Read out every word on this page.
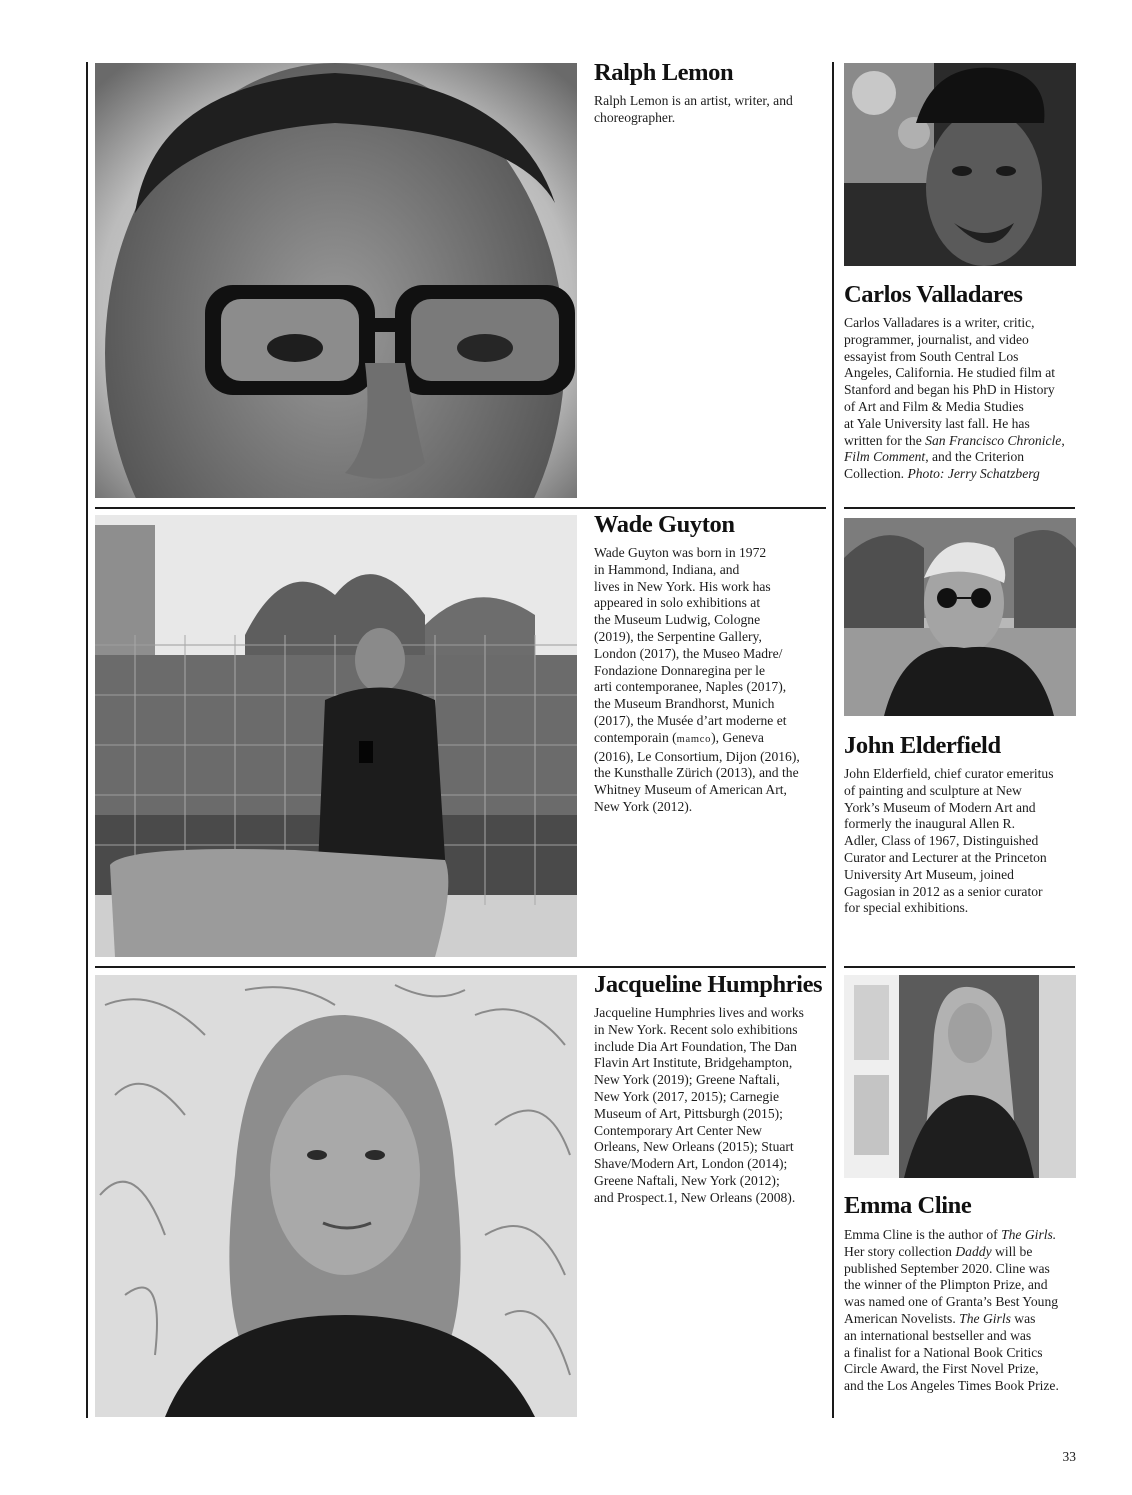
Ralph Lemon

Ralph Lemon is an artist, writer, and
choreographer.

Carlos Valladares

Carlos Valladares is a writer, critic,
programmer, journalist, and video
essayist from South Central Los
Angeles, California. He studied film at
Stanford and began his PhD in History
of Art and Film & Media Studies
at Yale University last fall. He has
written for the San Francisco Chronicle,
Film Comment, and the Criterion
Collection. Photo: Jerry Schatzberg

Wade Guyton

Wade Guyton was born in 1972
in Hammond, Indiana, and
lives in New York. His work has
appeared in solo exhibitions at
the Museum Ludwig, Cologne
(2019), the Serpentine Gallery,
London (2017), the Museo Madre/
Fondazione Donnaregina per le
arti contemporanee, Naples (2017),
the Museum Brandhorst, Munich
(2017), the Musée d’art moderne et
contemporain (mamco), Geneva
(2016), Le Consortium, Dijon (2016),
the Kunsthalle Zürich (2013), and the
Whitney Museum of American Art,
New York (2012).

John Elderfield

John Elderfield, chief curator emeritus
of painting and sculpture at New
York’s Museum of Modern Art and
formerly the inaugural Allen R.
Adler, Class of 1967, Distinguished
Curator and Lecturer at the Princeton
University Art Museum, joined
Gagosian in 2012 as a senior curator
for special exhibitions.

Jacqueline Humphries

Jacqueline Humphries lives and works
in New York. Recent solo exhibitions
include Dia Art Foundation, The Dan
Flavin Art Institute, Bridgehampton,
New York (2019); Greene Naftali,
New York (2017, 2015); Carnegie
Museum of Art, Pittsburgh (2015);
Contemporary Art Center New
Orleans, New Orleans (2015); Stuart
Shave/Modern Art, London (2014);
Greene Naftali, New York (2012);
and Prospect.1, New Orleans (2008).	Emma Cline

Emma Cline is the author of The Girls.
Her story collection Daddy will be
published September 2020. Cline was
the winner of the Plimpton Prize, and
was named one of Granta’s Best Young
American Novelists. The Girls was
an international bestseller and was
a finalist for a National Book Critics
Circle Award, the First Novel Prize,
and the Los Angeles Times Book Prize.

33
